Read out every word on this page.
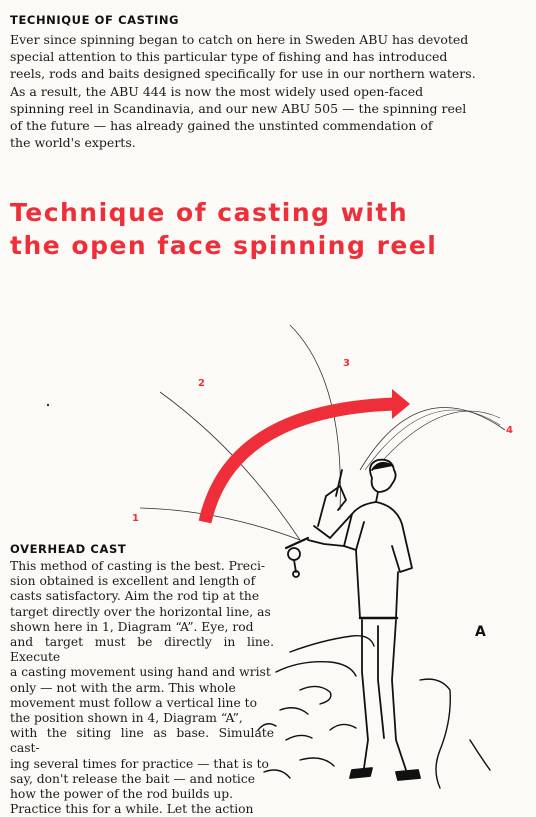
TECHNIQUE OF CASTING

Ever since spinning began to catch on here in Sweden ABU has devoted
special attention to this particular type of fishing and has introduced
reels, rods and baits designed specifically for use in our northern waters.
As a result, the ABU 444 is now the most widely used open-faced
spinning reel in Scandinavia, and our new ABU 505 — the spinning reel
of the future — has already gained the unstinted commendation of
the world's experts.

Technique of casting with
the open face spinning reel
1
2
3
4
A
OVERHEAD CAST

This method of casting is the best. Preci-
sion obtained is excellent and length of
casts satisfactory. Aim the rod tip at the
target directly over the horizontal line, as
shown here in 1, Diagram “A”. Eye, rod
and target must be directly in line. Execute
a casting movement using hand and wrist
only — not with the arm. This whole
movement must follow a vertical line to
the position shown in 4, Diagram “A”,
with the siting line as base. Simulate cast-
ing several times for practice — that is to
say, don't release the bait — and notice
how the power of the rod builds up.
Practice this for a while. Let the action
